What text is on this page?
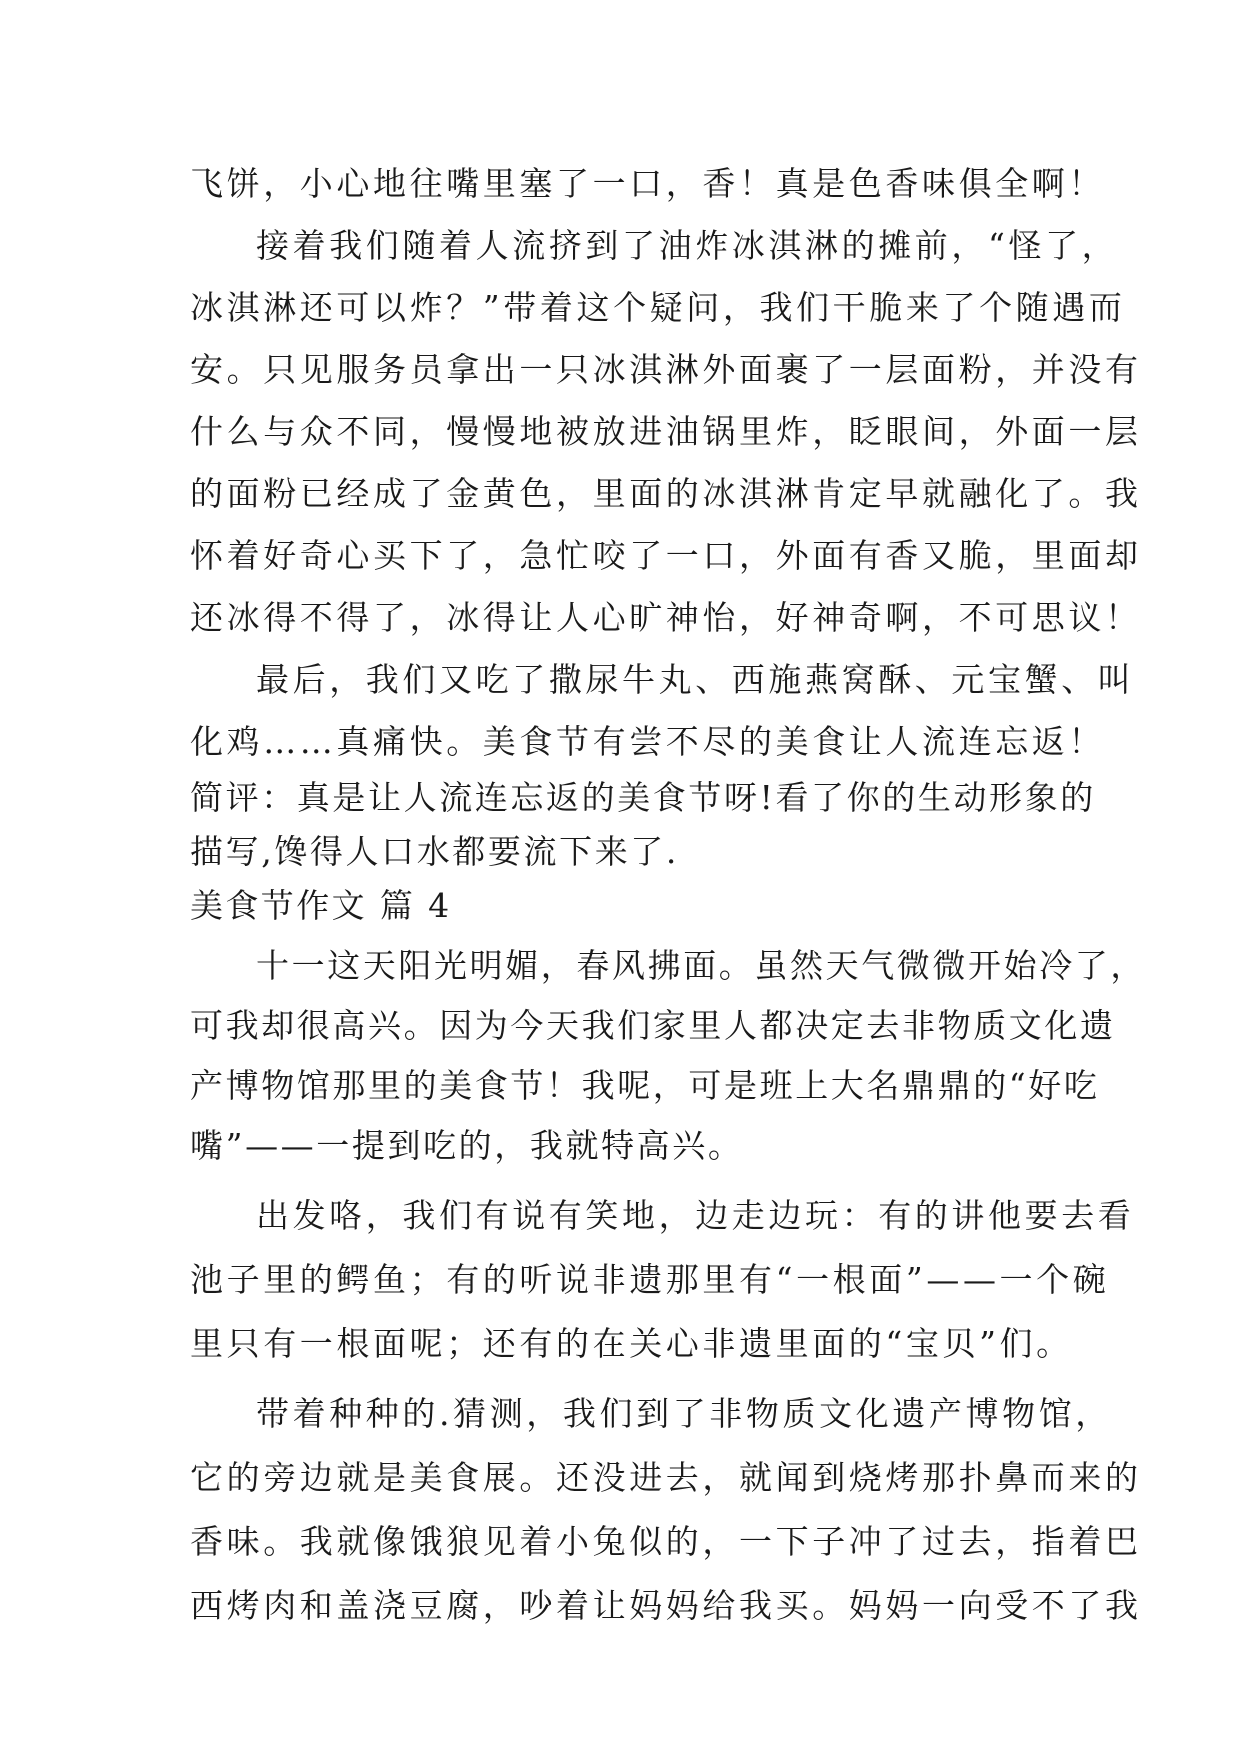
飞饼，小心地往嘴里塞了一口，香！真是色香味俱全啊！
接着我们随着人流挤到了油炸冰淇淋的摊前，“怪了，
冰淇淋还可以炸？”带着这个疑问，我们干脆来了个随遇而
安。只见服务员拿出一只冰淇淋外面裹了一层面粉，并没有
什么与众不同，慢慢地被放进油锅里炸，眨眼间，外面一层
的面粉已经成了金黄色，里面的冰淇淋肯定早就融化了。我
怀着好奇心买下了，急忙咬了一口，外面有香又脆，里面却
还冰得不得了，冰得让人心旷神怡，好神奇啊，不可思议！
最后，我们又吃了撒尿牛丸、西施燕窝酥、元宝蟹、叫
化鸡……真痛快。美食节有尝不尽的美食让人流连忘返！
简评：真是让人流连忘返的美食节呀!看了你的生动形象的
描写,馋得人口水都要流下来了.
美食节作文 篇 4
十一这天阳光明媚，春风拂面。虽然天气微微开始冷了，
可我却很高兴。因为今天我们家里人都决定去非物质文化遗
产博物馆那里的美食节！我呢，可是班上大名鼎鼎的“好吃
嘴”——一提到吃的，我就特高兴。
出发咯，我们有说有笑地，边走边玩：有的讲他要去看
池子里的鳄鱼；有的听说非遗那里有“一根面”——一个碗
里只有一根面呢；还有的在关心非遗里面的“宝贝”们。
带着种种的.猜测，我们到了非物质文化遗产博物馆，
它的旁边就是美食展。还没进去，就闻到烧烤那扑鼻而来的
香味。我就像饿狼见着小兔似的，一下子冲了过去，指着巴
西烤肉和盖浇豆腐，吵着让妈妈给我买。妈妈一向受不了我
